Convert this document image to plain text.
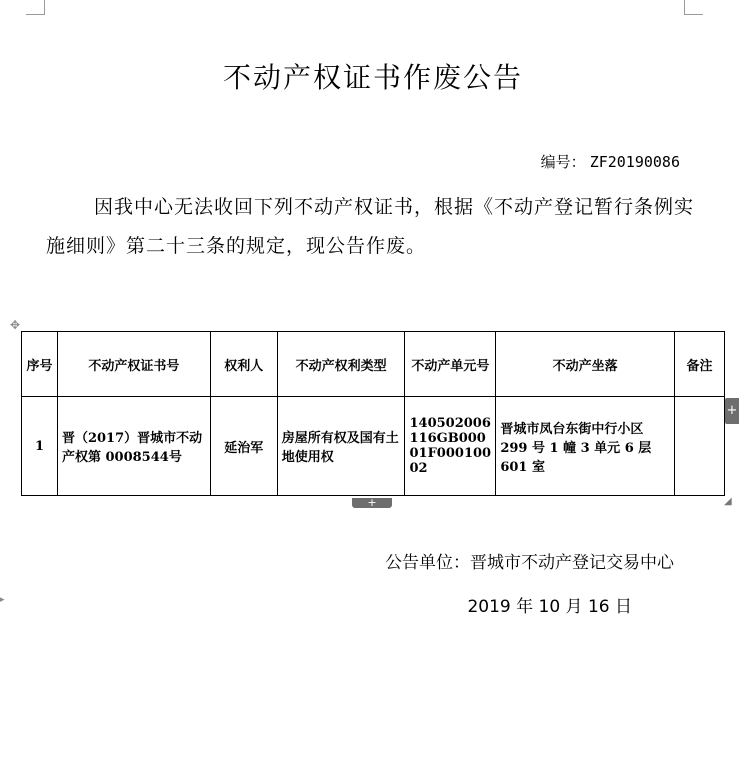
不动产权证书作废公告
编号： ZF20190086
因我中心无法收回下列不动产权证书，根据《不动产登记暂行条例实施细则》第二十三条的规定，现公告作废。
✥
序号	不动产权证书号	权利人	不动产权利类型	不动产单元号	不动产坐落	备注
1	晋（2017）晋城市不动产权第 0008544号	延治军	房屋所有权及国有土地使用权	140502006116GB00001F00010002	晋城市凤台东街中行小区 299 号 1 幢 3 单元 6 层 601 室	
+
+	◢
▸
公告单位：晋城市不动产登记交易中心
2019 年 10 月 16 日
